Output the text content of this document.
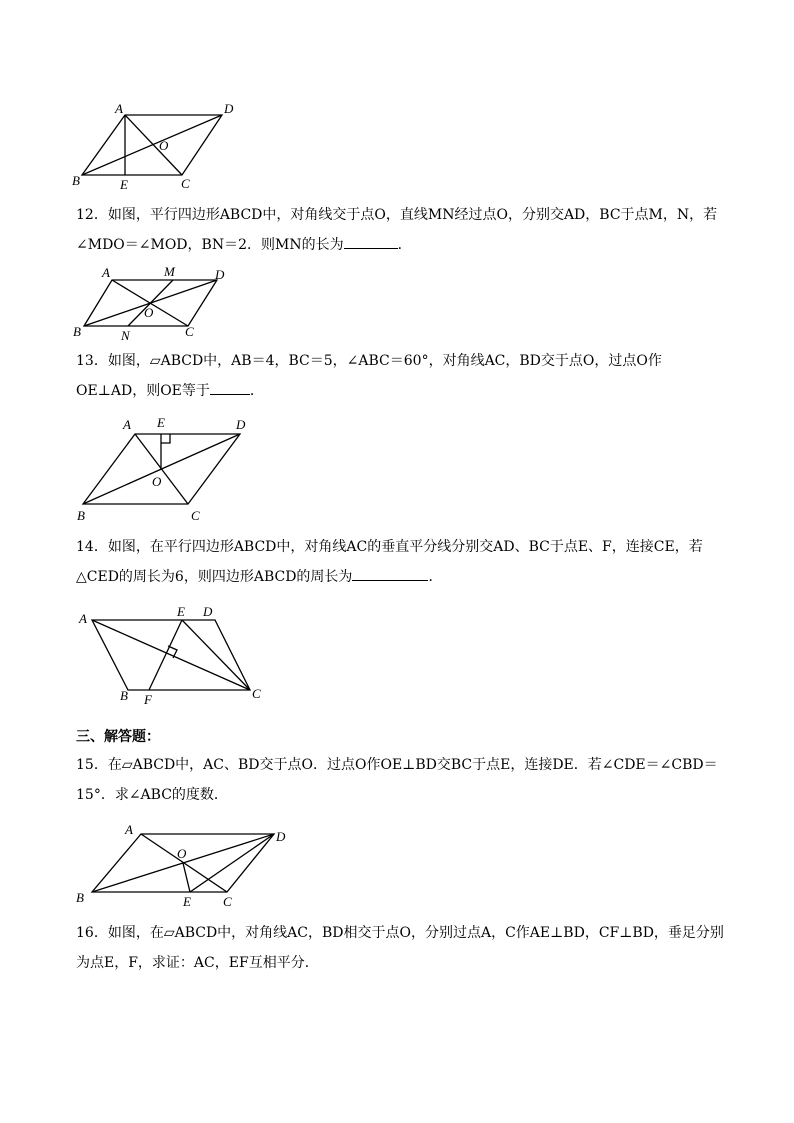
A	D
O
B	E	C
12．如图，平行四边形ABCD中，对角线交于点O，直线MN经过点O，分别交AD，BC于点M，N，若
∠MDO＝∠MOD，BN＝2．则MN的长为	．
A	M	D
O
B	N	C
13．如图，▱ABCD中，AB＝4，BC＝5，∠ABC＝60°，对角线AC，BD交于点O，过点O作
OE⊥AD，则OE等于	．
A E	D
O
B	C
14．如图，在平行四边形ABCD中，对角线AC的垂直平分线分别交AD、BC于点E、F，连接CE，若
△CED的周长为6，则四边形ABCD的周长为	．
A	E D
B F	C
三、解答题：
15．在▱ABCD中，AC、BD交于点O．过点O作OE⊥BD交BC于点E，连接DE．若∠CDE＝∠CBD＝
15°．求∠ABC的度数．
A	D
O
B	E C
16．如图，在▱ABCD中，对角线AC，BD相交于点O，分别过点A，C作AE⊥BD，CF⊥BD，垂足分别
为点E，F，求证：AC，EF互相平分．
